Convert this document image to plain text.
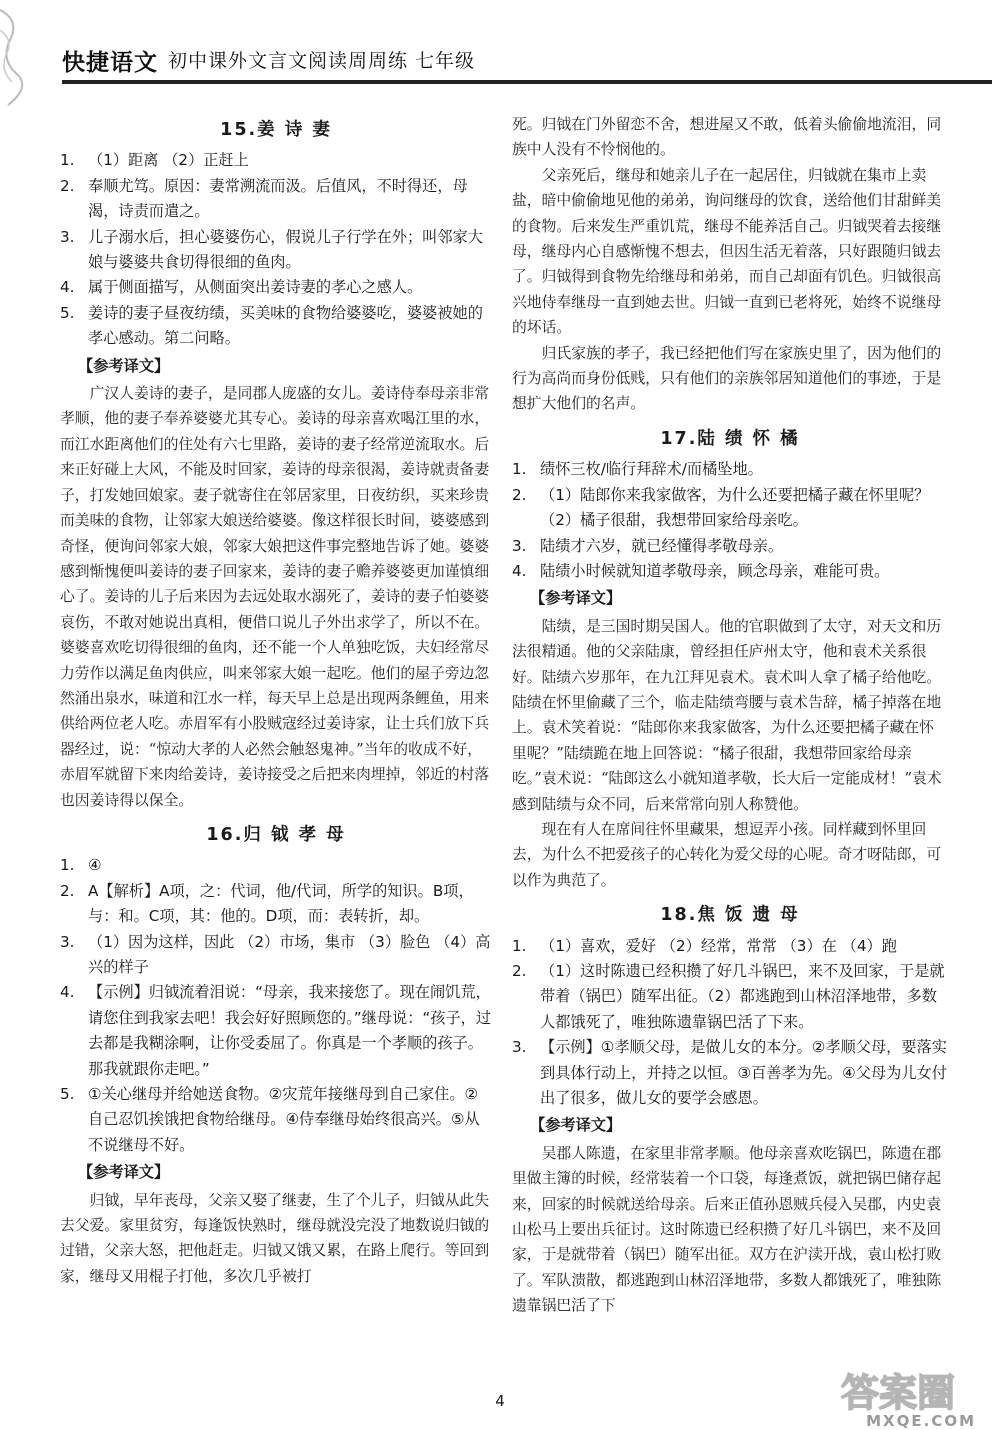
快捷语文 初中课外文言文阅读周周练 七年级
15.姜 诗 妻
1. （1）距离 （2）正赶上
2. 奉顺尤笃。原因：妻常溯流而汲。后值风，不时得还，母渴，诗责而遣之。
3. 儿子溺水后，担心婆婆伤心，假说儿子行学在外；叫邻家大娘与婆婆共食切得很细的鱼肉。
4. 属于侧面描写，从侧面突出姜诗妻的孝心之感人。
5. 姜诗的妻子昼夜纺绩，买美味的食物给婆婆吃，婆婆被她的孝心感动。第二问略。
【参考译文】
广汉人姜诗的妻子，是同郡人庞盛的女儿。姜诗侍奉母亲非常孝顺，他的妻子奉养婆婆尤其专心。姜诗的母亲喜欢喝江里的水，而江水距离他们的住处有六七里路，姜诗的妻子经常逆流取水。后来正好碰上大风，不能及时回家，姜诗的母亲很渴，姜诗就责备妻子，打发她回娘家。妻子就寄住在邻居家里，日夜纺织，买来珍贵而美味的食物，让邻家大娘送给婆婆。像这样很长时间，婆婆感到奇怪，便询问邻家大娘，邻家大娘把这件事完整地告诉了她。婆婆感到惭愧便叫姜诗的妻子回家来，姜诗的妻子赡养婆婆更加谨慎细心了。姜诗的儿子后来因为去远处取水溺死了，姜诗的妻子怕婆婆哀伤，不敢对她说出真相，便借口说儿子外出求学了，所以不在。婆婆喜欢吃切得很细的鱼肉，还不能一个人单独吃饭，夫妇经常尽力劳作以满足鱼肉供应，叫来邻家大娘一起吃。他们的屋子旁边忽然涌出泉水，味道和江水一样，每天早上总是出现两条鲤鱼，用来供给两位老人吃。赤眉军有小股贼寇经过姜诗家，让士兵们放下兵器经过，说：“惊动大孝的人必然会触怒鬼神。”当年的收成不好，赤眉军就留下来肉给姜诗，姜诗接受之后把来肉埋掉，邻近的村落也因姜诗得以保全。
16.归 钺 孝 母
1. ④
2. A【解析】A项，之：代词，他/代词，所学的知识。B项，与：和。C项，其：他的。D项，而：表转折，却。
3. （1）因为这样，因此 （2）市场，集市 （3）脸色 （4）高兴的样子
4. 【示例】归钺流着泪说：“母亲，我来接您了。现在闹饥荒，请您住到我家去吧！我会好好照顾您的。”继母说：“孩子，过去都是我糊涂啊，让你受委屈了。你真是一个孝顺的孩子。那我就跟你走吧。”
5. ①关心继母并给她送食物。②灾荒年接继母到自己家住。②自己忍饥挨饿把食物给继母。④侍奉继母始终很高兴。⑤从不说继母不好。
【参考译文】
归钺，早年丧母，父亲又娶了继妻，生了个儿子，归钺从此失去父爱。家里贫穷，每逢饭快熟时，继母就没完没了地数说归钺的过错，父亲大怒，把他赶走。归钺又饿又累，在路上爬行。等回到家，继母又用棍子打他，多次几乎被打
死。归钺在门外留恋不舍，想进屋又不敢，低着头偷偷地流泪，同族中人没有不怜悯他的。
父亲死后，继母和她亲儿子在一起居住，归钺就在集市上卖盐，暗中偷偷地见他的弟弟，询问继母的饮食，送给他们甘甜鲜美的食物。后来发生严重饥荒，继母不能养活自己。归钺哭着去接继母，继母内心自感惭愧不想去，但因生活无着落，只好跟随归钺去了。归钺得到食物先给继母和弟弟，而自己却面有饥色。归钺很高兴地侍奉继母一直到她去世。归钺一直到已老将死，始终不说继母的坏话。
归氏家族的孝子，我已经把他们写在家族史里了，因为他们的行为高尚而身份低贱，只有他们的亲族邻居知道他们的事迹，于是想扩大他们的名声。
17.陆 绩 怀 橘
1. 绩怀三枚/临行拜辞术/而橘坠地。
2. （1）陆郎你来我家做客，为什么还要把橘子藏在怀里呢？（2）橘子很甜，我想带回家给母亲吃。
3. 陆绩才六岁，就已经懂得孝敬母亲。
4. 陆绩小时候就知道孝敬母亲，顾念母亲，难能可贵。
【参考译文】
陆绩，是三国时期吴国人。他的官职做到了太守，对天文和历法很精通。他的父亲陆康，曾经担任庐州太守，他和袁术关系很好。陆绩六岁那年，在九江拜见袁术。袁术叫人拿了橘子给他吃。陆绩在怀里偷藏了三个，临走陆绩弯腰与袁术告辞，橘子掉落在地上。袁术笑着说：“陆郎你来我家做客，为什么还要把橘子藏在怀里呢？”陆绩跪在地上回答说：“橘子很甜，我想带回家给母亲吃。”袁术说：“陆郎这么小就知道孝敬，长大后一定能成材！”袁术感到陆绩与众不同，后来常常向别人称赞他。
现在有人在席间往怀里藏果，想逗弄小孩。同样藏到怀里回去，为什么不把爱孩子的心转化为爱父母的心呢。奇才呀陆郎，可以作为典范了。
18.焦 饭 遗 母
1. （1）喜欢，爱好 （2）经常，常常 （3）在 （4）跑
2. （1）这时陈遗已经积攒了好几斗锅巴，来不及回家，于是就带着（锅巴）随军出征。（2）都逃跑到山林沼泽地带，多数人都饿死了，唯独陈遗靠锅巴活了下来。
3. 【示例】①孝顺父母，是做儿女的本分。②孝顺父母，要落实到具体行动上，并持之以恒。③百善孝为先。④父母为儿女付出了很多，做儿女的要学会感恩。
【参考译文】
吴郡人陈遗，在家里非常孝顺。他母亲喜欢吃锅巴，陈遗在郡里做主簿的时候，经常装着一个口袋，每逢煮饭，就把锅巴储存起来，回家的时候就送给母亲。后来正值孙恩贼兵侵入吴郡，内史袁山松马上要出兵征讨。这时陈遗已经积攒了好几斗锅巴，来不及回家，于是就带着（锅巴）随军出征。双方在沪渎开战，袁山松打败了。军队溃散，都逃跑到山林沼泽地带，多数人都饿死了，唯独陈遗靠锅巴活了下
4	答案圈
MXQE.COM
